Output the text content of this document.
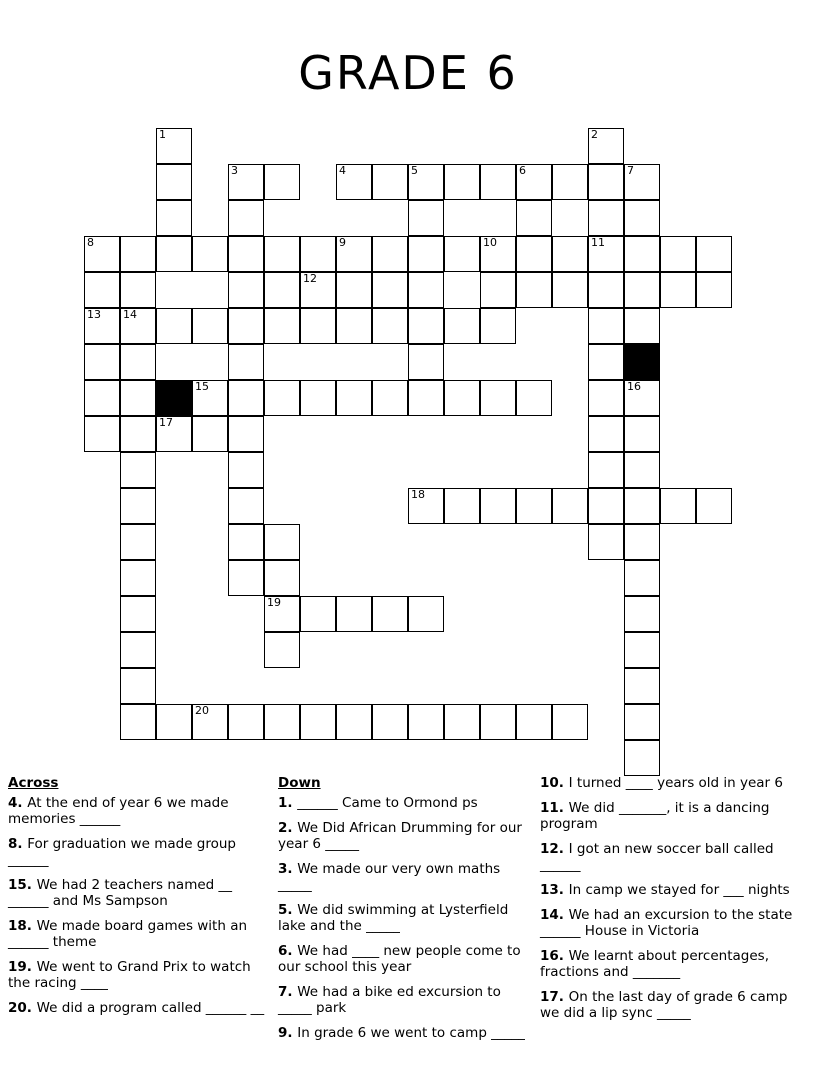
GRADE 6
1	2
3	4	5	6	7
8	9	10	11
12
13 14
15	16
17
18
19
20
Across
4. At the end of year 6 we made memories ______
8. For graduation we made group ______
15. We had 2 teachers named __ ______ and Ms Sampson
18. We made board games with an ______ theme
19. We went to Grand Prix to watch the racing ____
20. We did a program called ______ __
Down
1. ______ Came to Ormond ps
2. We Did African Drumming for our year 6 _____
3. We made our very own maths _____
5. We did swimming at Lysterfield lake and the _____
6. We had ____ new people come to our school this year
7. We had a bike ed excursion to _____ park
9. In grade 6 we went to camp _____
10. I turned ____ years old in year 6
11. We did _______, it is a dancing program
12. I got an new soccer ball called ______
13. In camp we stayed for ___ nights
14. We had an excursion to the state ______ House in Victoria
16. We learnt about percentages, fractions and _______
17. On the last day of grade 6 camp we did a lip sync _____
